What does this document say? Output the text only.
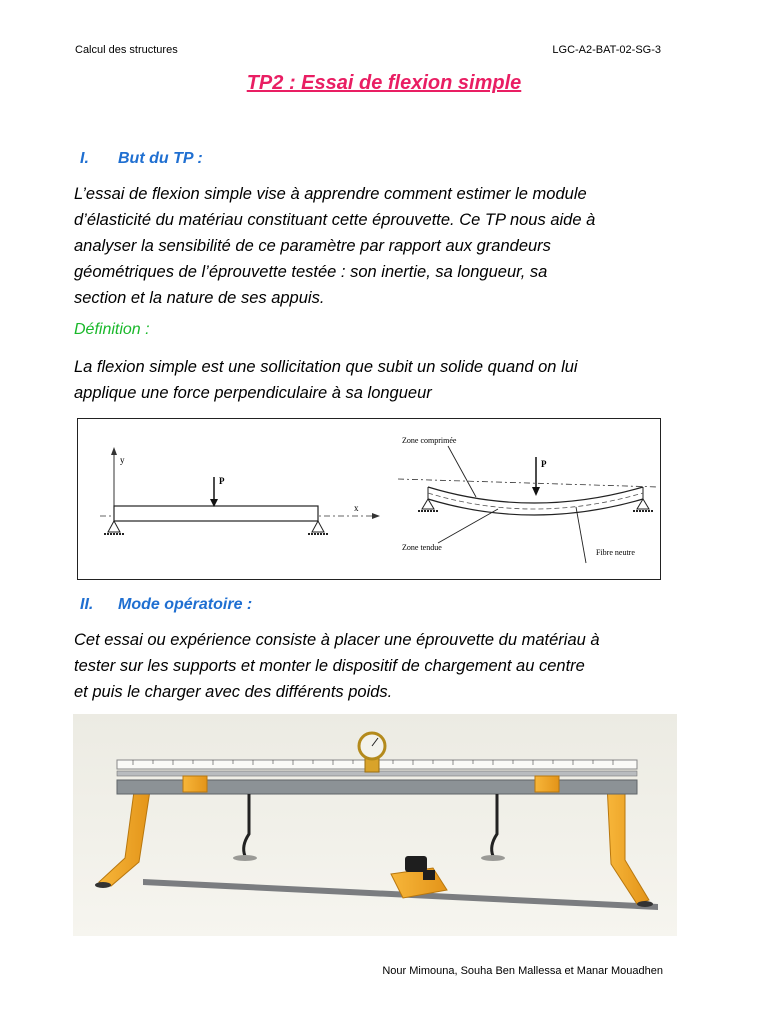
Calcul des structures	LGC-A2-BAT-02-SG-3
TP2 : Essai de flexion simple
I. But du TP :
L’essai de flexion simple vise à apprendre comment estimer le module
d’élasticité du matériau constituant cette éprouvette. Ce TP nous aide à
analyser la sensibilité de ce paramètre par rapport aux grandeurs
géométriques de l’éprouvette testée : son inertie, sa longueur, sa
section et la nature de ses appuis.
Définition :
La flexion simple est une sollicitation que subit un solide quand on lui
applique une force perpendiculaire à sa longueur
y
x
P
P
Zone comprimée
Zone tendue
Fibre neutre
II. Mode opératoire :
Cet essai ou expérience consiste à placer une éprouvette du matériau à
tester sur les supports et monter le dispositif de chargement au centre
et puis le charger avec des différents poids.
Nour Mimouna, Souha Ben Mallessa et Manar Mouadhen
